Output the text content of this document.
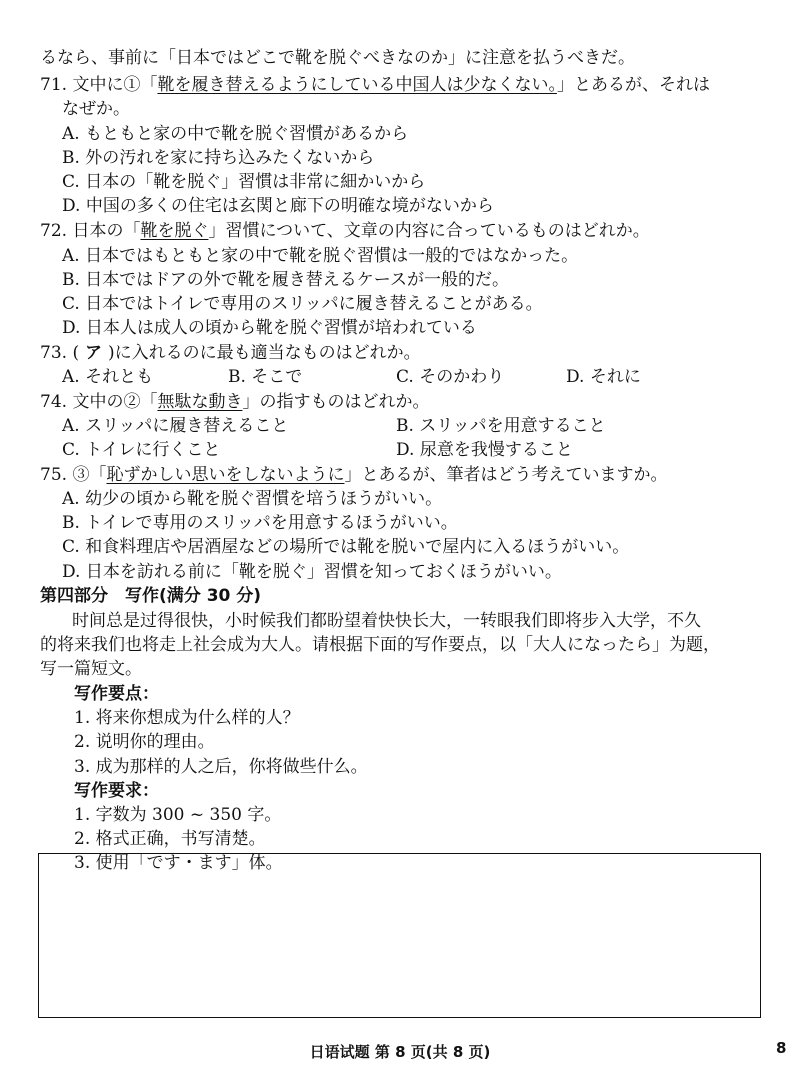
るなら、事前に「日本ではどこで靴を脱ぐべきなのか」に注意を払うべきだ。
71. 文中に①「靴を履き替えるようにしている中国人は少なくない。」とあるが、それは
なぜか。
A. もともと家の中で靴を脱ぐ習慣があるから
B. 外の汚れを家に持ち込みたくないから
C. 日本の「靴を脱ぐ」習慣は非常に細かいから
D. 中国の多くの住宅は玄関と廊下の明確な境がないから
72. 日本の「靴を脱ぐ」習慣について、文章の内容に合っているものはどれか。
A. 日本ではもともと家の中で靴を脱ぐ習慣は一般的ではなかった。
B. 日本ではドアの外で靴を履き替えるケースが一般的だ。
C. 日本ではトイレで専用のスリッパに履き替えることがある。
D. 日本人は成人の頃から靴を脱ぐ習慣が培われている
73. ( ア )に入れるのに最も適当なものはどれか。
A. それとも	B. そこで	C. そのかわり	D. それに
74. 文中の②「無駄な動き」の指すものはどれか。
A. スリッパに履き替えること	B. スリッパを用意すること
C. トイレに行くこと	D. 尿意を我慢すること
75. ③「恥ずかしい思いをしないように」とあるが、筆者はどう考えていますか。
A. 幼少の頃から靴を脱ぐ習慣を培うほうがいい。
B. トイレで専用のスリッパを用意するほうがいい。
C. 和食料理店や居酒屋などの場所では靴を脱いで屋内に入るほうがいい。
D. 日本を訪れる前に「靴を脱ぐ」習慣を知っておくほうがいい。
第四部分　写作(满分 30 分)
时间总是过得很快，小时候我们都盼望着快快长大，一转眼我们即将步入大学，不久
的将来我们也将走上社会成为大人。请根据下面的写作要点，以「大人になったら」为题，
写一篇短文。
写作要点：
1. 将来你想成为什么样的人？
2. 说明你的理由。
3. 成为那样的人之后，你将做些什么。
写作要求：
1. 字数为 300 ~ 350 字。
2. 格式正确，书写清楚。
3. 使用「です・ます」体。
日语试题 第 8 页(共 8 页)	8
